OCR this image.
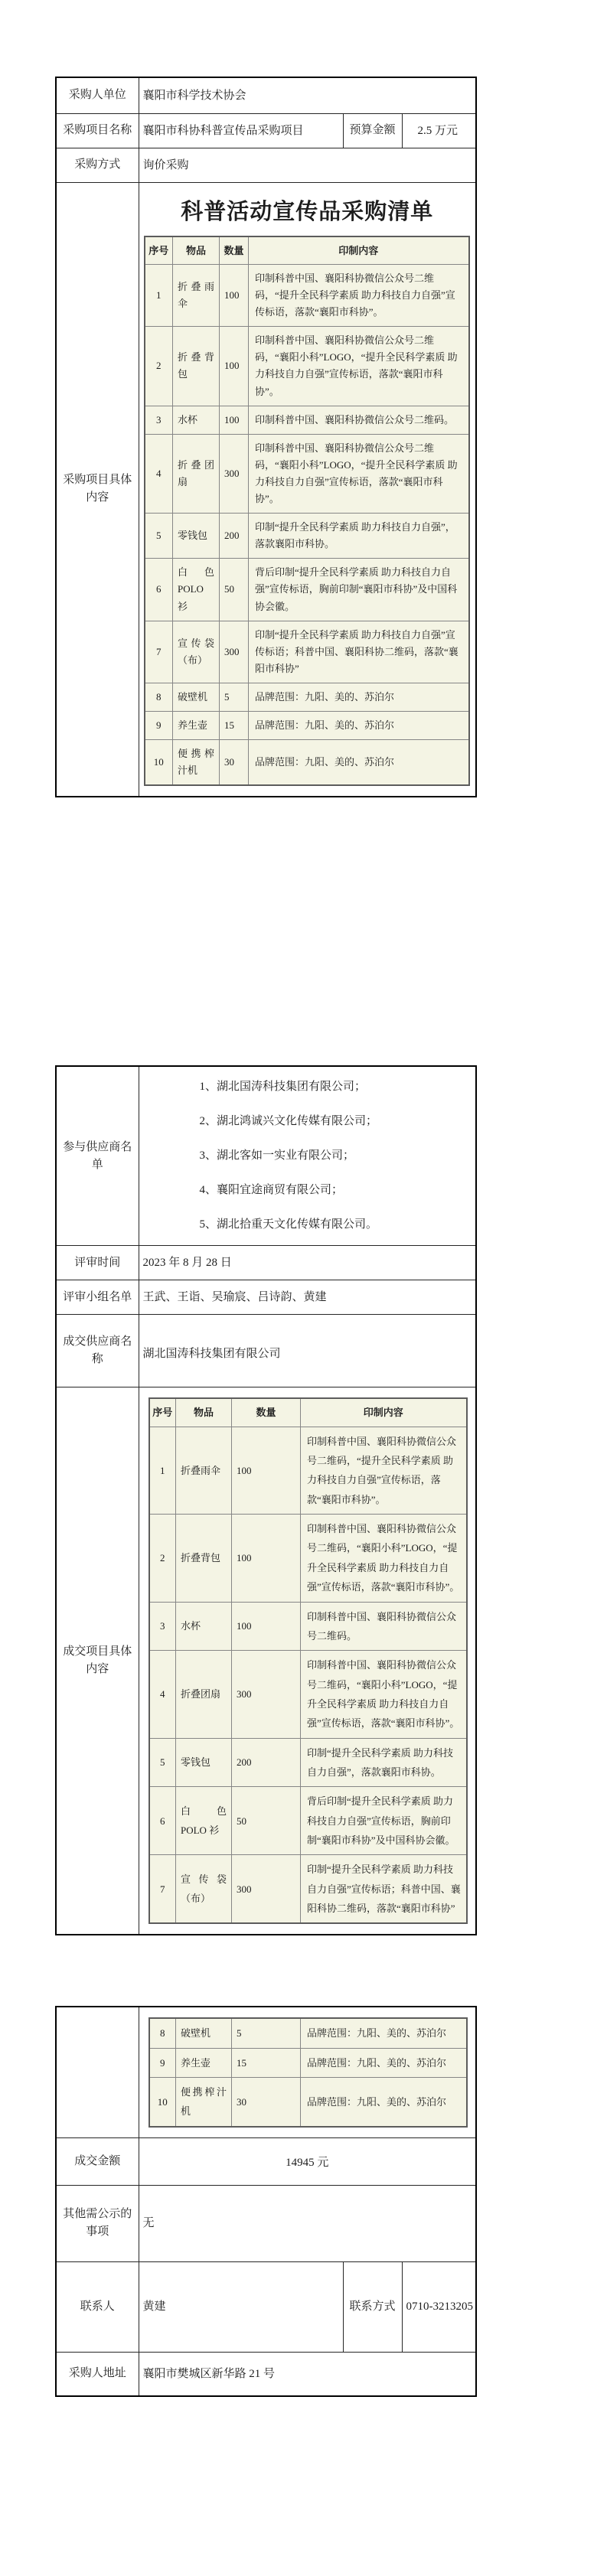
采购人单位	襄阳市科学技术协会
采购项目名称	襄阳市科协科普宣传品采购项目	预算金额	2.5 万元
采购方式	询价采购
采购项目具体内容	
科普活动宣传品采购清单
序号	物品	数量	印制内容
1	折叠雨伞	100	印制科普中国、襄阳科协微信公众号二维码，“提升全民科学素质 助力科技自力自强”宣传标语，落款“襄阳市科协”。
2	折叠背包	100	印制科普中国、襄阳科协微信公众号二维码，“襄阳小科”LOGO，“提升全民科学素质 助力科技自力自强”宣传标语，落款“襄阳市科协”。
3	水杯	100	印制科普中国、襄阳科协微信公众号二维码。
4	折叠团扇	300	印制科普中国、襄阳科协微信公众号二维码，“襄阳小科”LOGO，“提升全民科学素质 助力科技自力自强”宣传标语，落款“襄阳市科协”。
5	零钱包	200	印制“提升全民科学素质 助力科技自力自强”，落款襄阳市科协。
6	白色 POLO 衫	50	背后印制“提升全民科学素质 助力科技自力自强”宣传标语，胸前印制“襄阳市科协”及中国科协会徽。
7	宣传袋（布）	300	印制“提升全民科学素质 助力科技自力自强”宣传标语；科普中国、襄阳科协二维码，落款“襄阳市科协”
8	破壁机	5	品牌范围：九阳、美的、苏泊尔
9	养生壶	15	品牌范围：九阳、美的、苏泊尔
10	便携榨汁机	30	品牌范围：九阳、美的、苏泊尔
参与供应商名单	
1、湖北国涛科技集团有限公司；
2、湖北鸿诚兴文化传媒有限公司；
3、湖北客如一实业有限公司；
4、襄阳宜途商贸有限公司；
5、湖北拾重天文化传媒有限公司。

评审时间	2023 年 8 月 28 日
评审小组名单	王武、王诣、吴瑜宸、吕诗韵、黄建
成交供应商名称	湖北国涛科技集团有限公司
成交项目具体内容	
序号	物品	数量	印制内容
1	折叠雨伞	100	印制科普中国、襄阳科协微信公众号二维码，“提升全民科学素质 助力科技自力自强”宣传标语，落款“襄阳市科协”。
2	折叠背包	100	印制科普中国、襄阳科协微信公众号二维码，“襄阳小科”LOGO，“提升全民科学素质 助力科技自力自强”宣传标语，落款“襄阳市科协”。
3	水杯	100	印制科普中国、襄阳科协微信公众号二维码。
4	折叠团扇	300	印制科普中国、襄阳科协微信公众号二维码，“襄阳小科”LOGO，“提升全民科学素质 助力科技自力自强”宣传标语，落款“襄阳市科协”。
5	零钱包	200	印制“提升全民科学素质 助力科技自力自强”，落款襄阳市科协。
6	白色 POLO 衫	50	背后印制“提升全民科学素质 助力科技自力自强”宣传标语，胸前印制“襄阳市科协”及中国科协会徽。
7	宣传袋（布）	300	印制“提升全民科学素质 助力科技自力自强”宣传标语；科普中国、襄阳科协二维码，落款“襄阳市科协”

8	破壁机	5	品牌范围：九阳、美的、苏泊尔
9	养生壶	15	品牌范围：九阳、美的、苏泊尔
10	便携榨汁机	30	品牌范围：九阳、美的、苏泊尔

成交金额	14945 元
其他需公示的事项	无
联系人	黄建	联系方式	0710-3213205
采购人地址	襄阳市樊城区新华路 21 号
